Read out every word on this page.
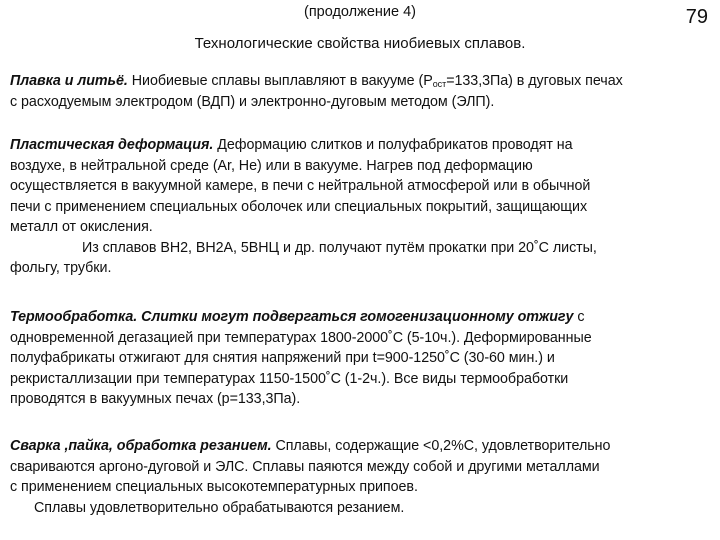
(продолжение 4)	79
Технологические свойства ниобиевых сплавов.
Плавка и литьё. Ниобиевые сплавы выплавляют в вакууме $(P_{ост}=133,3Па)$ в дуговых печах
с расходуемым электродом (ВДП) и электронно-дуговым методом (ЭЛП).
Пластическая деформация. Деформацию слитков и полуфабрикатов проводят на
воздухе, в нейтральной среде (Ar, He) или в вакууме. Нагрев под деформацию
осуществляется в вакуумной камере, в печи с нейтральной атмосферой или в обычной
печи с применением специальных оболочек или специальных покрытий, защищающих
металл от окисления.
Из сплавов ВН2, ВН2А, 5ВНЦ и др. получают путём прокатки при 20˚С листы,
фольгу, трубки.
Термообработка. Слитки могут подвергаться гомогенизационному отжигу с
одновременной дегазацией при температурах 1800-2000˚С (5-10ч.). Деформированные
полуфабрикаты отжигают для снятия напряжений при t=900-1250˚С (30-60 мин.) и
рекристаллизации при температурах 1150-1500˚С (1-2ч.). Все виды термообработки
проводятся в вакуумных печах (р=133,3Па).
Сварка ,пайка, обработка резанием. Сплавы, содержащие <0,2%С, удовлетворительно
свариваются аргоно-дуговой и ЭЛС. Сплавы паяются между собой и другими металлами
с применением специальных высокотемпературных припоев.
Сплавы удовлетворительно обрабатываются резанием.
